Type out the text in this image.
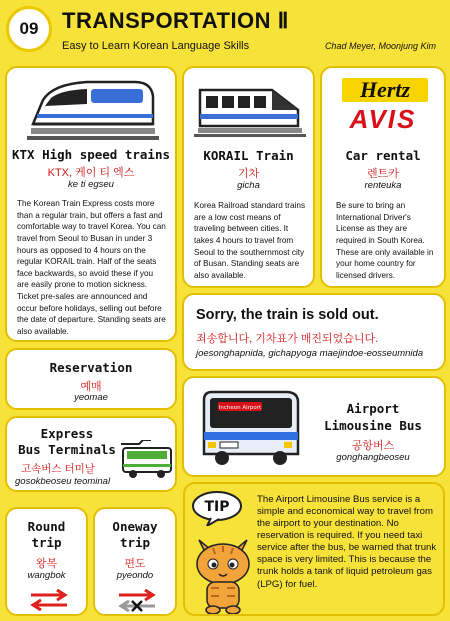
09 TRANSPORTATION Ⅱ
Easy to Learn Korean Language Skills	Chad Meyer, Moonjung Kim
KTX High speed trains
KTX, 케이 티 엑스
ke ti egseu
The Korean Train Express costs more than a regular train, but offers a fast and comfortable way to travel Korea. You can travel from Seoul to Busan in under 3 hours as opposed to 4 hours on the regular KORAIL train. Half of the seats face backwards, so avoid these if you are easily prone to motion sickness. Ticket pre-sales are announced and occur before holidays, selling out before the date of departure. Standing seats are also available.
KORAIL Train
기차
gicha
Korea Railroad standard trains are a low cost means of traveling between cities. It takes 4 hours to travel from Seoul to the southernmost city of Busan. Standing seats are also available.
Hertz
AVIS
Car rental
렌트카
renteuka
Be sure to bring an International Driver's License as they are required in South Korea. These are only available in your home country for licensed drivers.
Sorry, the train is sold out.
죄송합니다, 기차표가 매진되었습니다.
joesonghapnida, gichapyoga maejindoe-eosseumnida
Reservation
예매
yeomae
Incheon Airport	Airport
Limousine Bus
공항버스
gonghangbeoseu
Express
Bus Terminals
고속버스 터미날
gosokbeoseu teominal
Round
trip
왕복
wangbok
Oneway
trip
편도
pyeondo
TIP	The Airport Limousine Bus service is a simple and economical way to travel from the airport to your destination. No reservation is required. If you need taxi service after the bus, be warned that trunk space is very limited. This is because the trunk holds a tank of liquid petroleum gas (LPG) for fuel.
